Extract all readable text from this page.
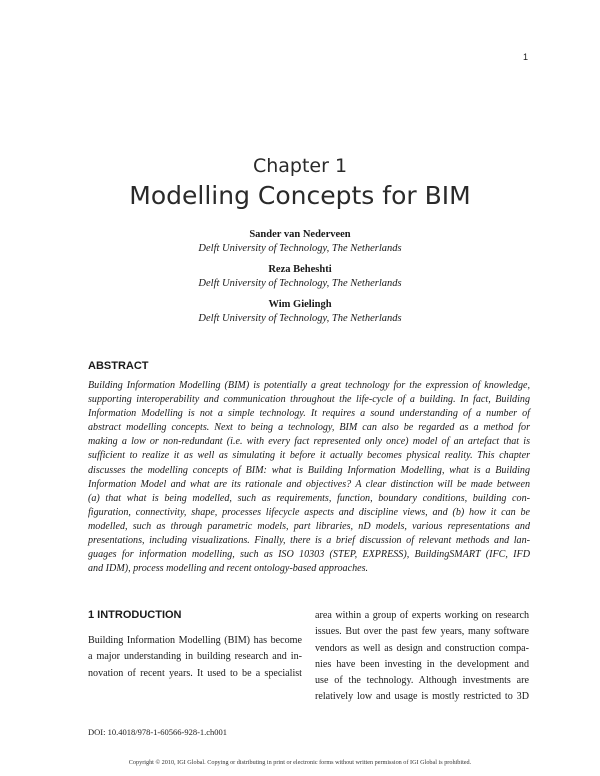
1
Chapter 1
Modelling Concepts for BIM
Sander van Nederveen
Delft University of Technology, The Netherlands
Reza Beheshti
Delft University of Technology, The Netherlands
Wim Gielingh
Delft University of Technology, The Netherlands
ABSTRACT
Building Information Modelling (BIM) is potentially a great technology for the expression of knowledge,
supporting interoperability and communication throughout the life-cycle of a building. In fact, Building
Information Modelling is not a simple technology. It requires a sound understanding of a number of
abstract modelling concepts. Next to being a technology, BIM can also be regarded as a method for
making a low or non-redundant (i.e. with every fact represented only once) model of an artefact that is
sufficient to realize it as well as simulating it before it actually becomes physical reality. This chapter
discusses the modelling concepts of BIM: what is Building Information Modelling, what is a Building
Information Model and what are its rationale and objectives? A clear distinction will be made between
(a) that what is being modelled, such as requirements, function, boundary conditions, building con-
figuration, connectivity, shape, processes lifecycle aspects and discipline views, and (b) how it can be
modelled, such as through parametric models, part libraries, nD models, various representations and
presentations, including visualizations. Finally, there is a brief discussion of relevant methods and lan-
guages for information modelling, such as ISO 10303 (STEP, EXPRESS), BuildingSMART (IFC, IFD
and IDM), process modelling and recent ontology-based approaches.
1 INTRODUCTION
Building Information Modelling (BIM) has become
a major understanding in building research and in-
novation of recent years. It used to be a specialist
area within a group of experts working on research
issues. But over the past few years, many software
vendors as well as design and construction compa-
nies have been investing in the development and
use of the technology. Although investments are
relatively low and usage is mostly restricted to 3D
DOI: 10.4018/978-1-60566-928-1.ch001
Copyright © 2010, IGI Global. Copying or distributing in print or electronic forms without written permission of IGI Global is prohibited.
